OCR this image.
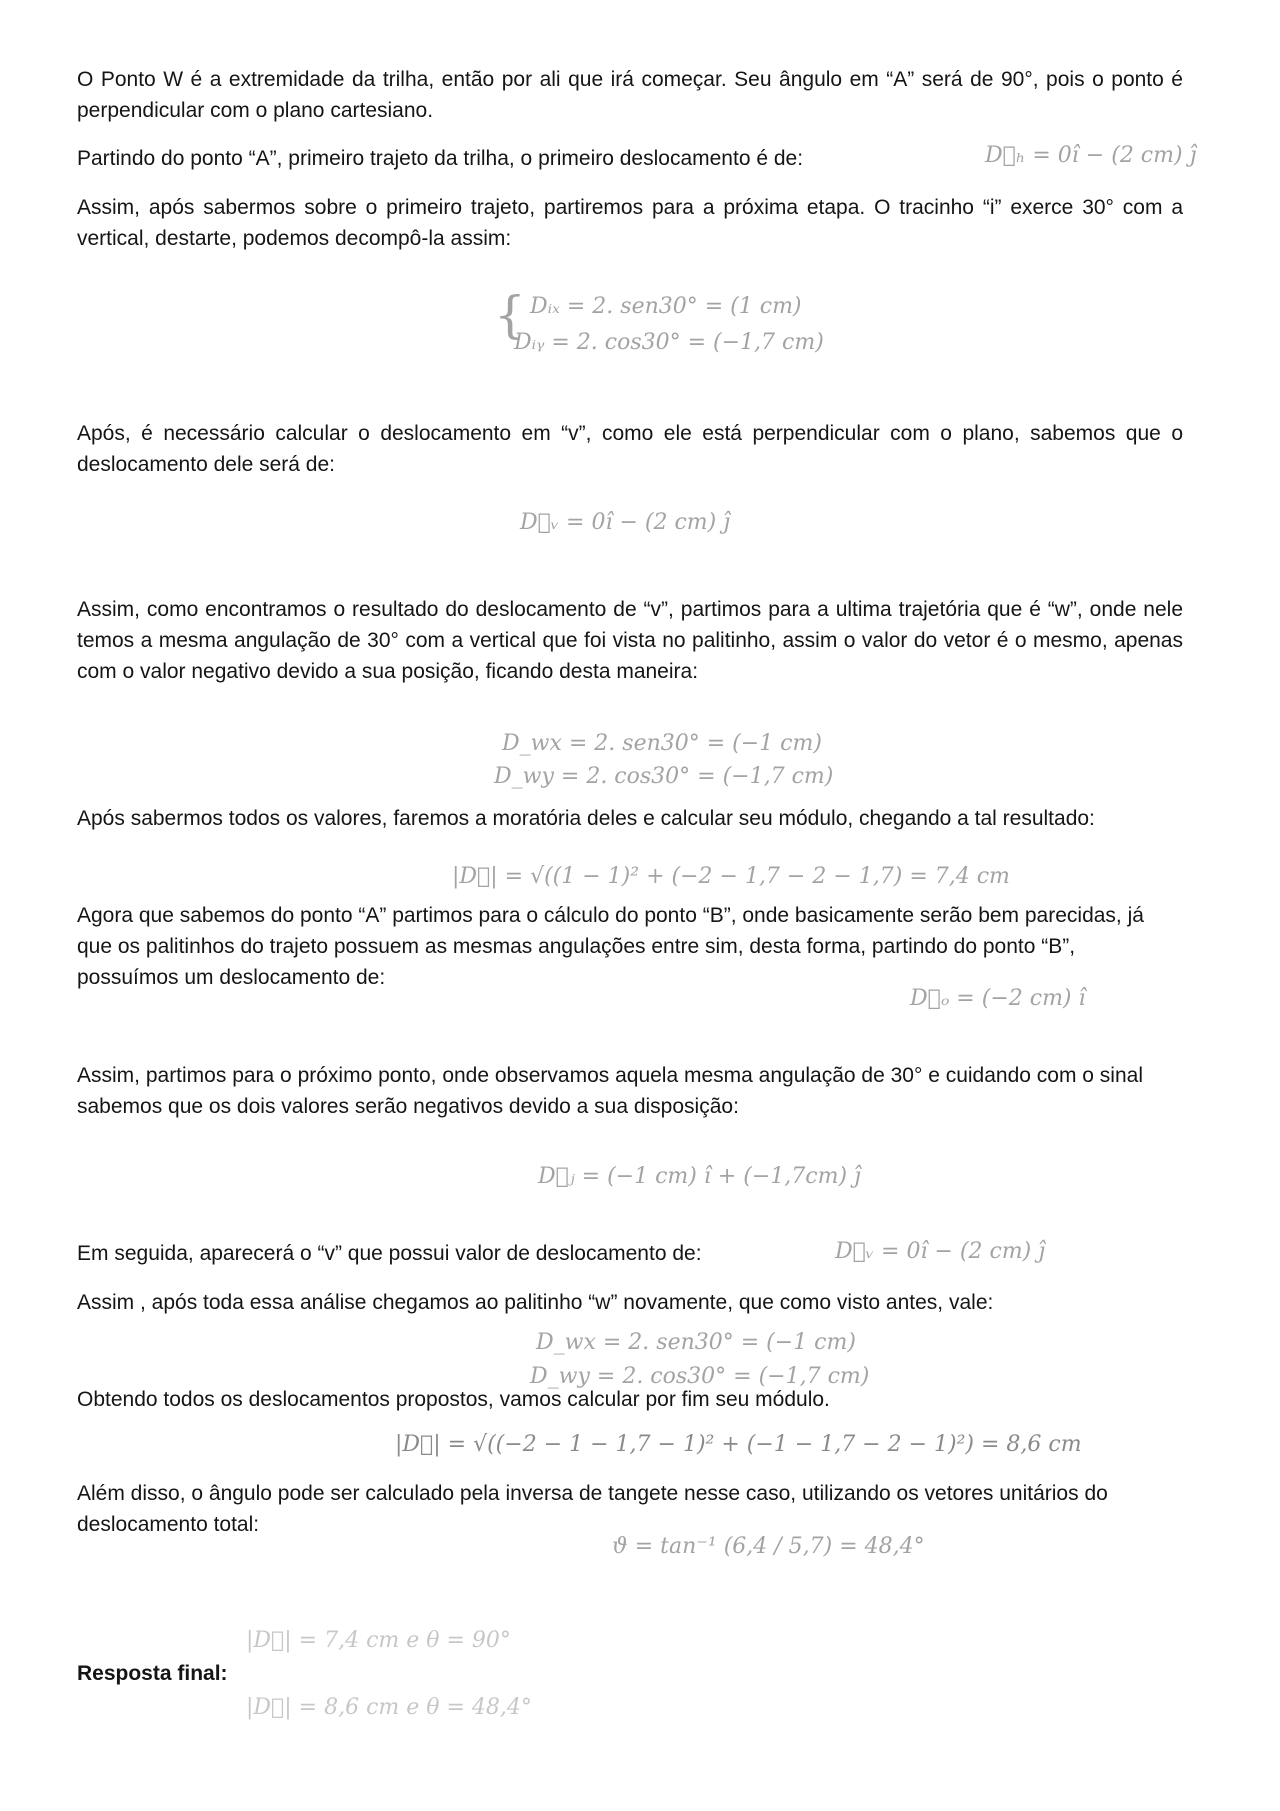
O Ponto W é a extremidade da trilha, então por ali que irá começar. Seu ângulo em “A” será de 90°, pois o ponto é perpendicular com o plano cartesiano.
Partindo do ponto “A”, primeiro trajeto da trilha, o primeiro deslocamento é de:	D⃗ₕ = 0î − (2 cm) ĵ
Assim, após sabermos sobre o primeiro trajeto, partiremos para a próxima etapa. O tracinho “i” exerce 30° com a vertical, destarte, podemos decompô-la assim:
{ Dᵢₓ = 2. sen30° = (1 cm)
Dᵢᵧ = 2. cos30° = (−1,7 cm)
Após, é necessário calcular o deslocamento em “v”, como ele está perpendicular com o plano, sabemos que o deslocamento dele será de:
D⃗ᵥ = 0î − (2 cm) ĵ
Assim, como encontramos o resultado do deslocamento de “v”, partimos para a ultima trajetória que é “w”, onde nele temos a mesma angulação de 30° com a vertical que foi vista no palitinho, assim o valor do vetor é o mesmo, apenas com o valor negativo devido a sua posição, ficando desta maneira:
D_wx = 2. sen30° = (−1 cm)
D_wy = 2. cos30° = (−1,7 cm)
Após sabermos todos os valores, faremos a moratória deles e calcular seu módulo, chegando a tal resultado:
|D⃗| = √((1 − 1)² + (−2 − 1,7 − 2 − 1,7) = 7,4 cm
Agora que sabemos do ponto “A” partimos para o cálculo do ponto “B”, onde basicamente serão bem parecidas, já que os palitinhos do trajeto possuem as mesmas angulações entre sim, desta forma, partindo do ponto “B”, possuímos um deslocamento de:
D⃗ₒ = (−2 cm) î
Assim, partimos para o próximo ponto, onde observamos aquela mesma angulação de 30° e cuidando com o sinal sabemos que os dois valores serão negativos devido a sua disposição:
D⃗ⱼ = (−1 cm) î + (−1,7cm) ĵ
Em seguida, aparecerá o “v” que possui valor de deslocamento de:	D⃗ᵥ = 0î − (2 cm) ĵ
Assim , após toda essa análise chegamos ao palitinho “w” novamente, que como visto antes, vale:
D_wx = 2. sen30° = (−1 cm)
D_wy = 2. cos30° = (−1,7 cm)
Obtendo todos os deslocamentos propostos, vamos calcular por fim seu módulo.
|D⃗| = √((−2 − 1 − 1,7 − 1)² + (−1 − 1,7 − 2 − 1)²) = 8,6 cm
Além disso, o ângulo pode ser calculado pela inversa de tangete nesse caso, utilizando os vetores unitários do deslocamento total:
ϑ = tan⁻¹ (6,4 / 5,7) = 48,4°
Resposta final:
|D⃗| = 7,4 cm e θ = 90°
|D⃗| = 8,6 cm e θ = 48,4°
